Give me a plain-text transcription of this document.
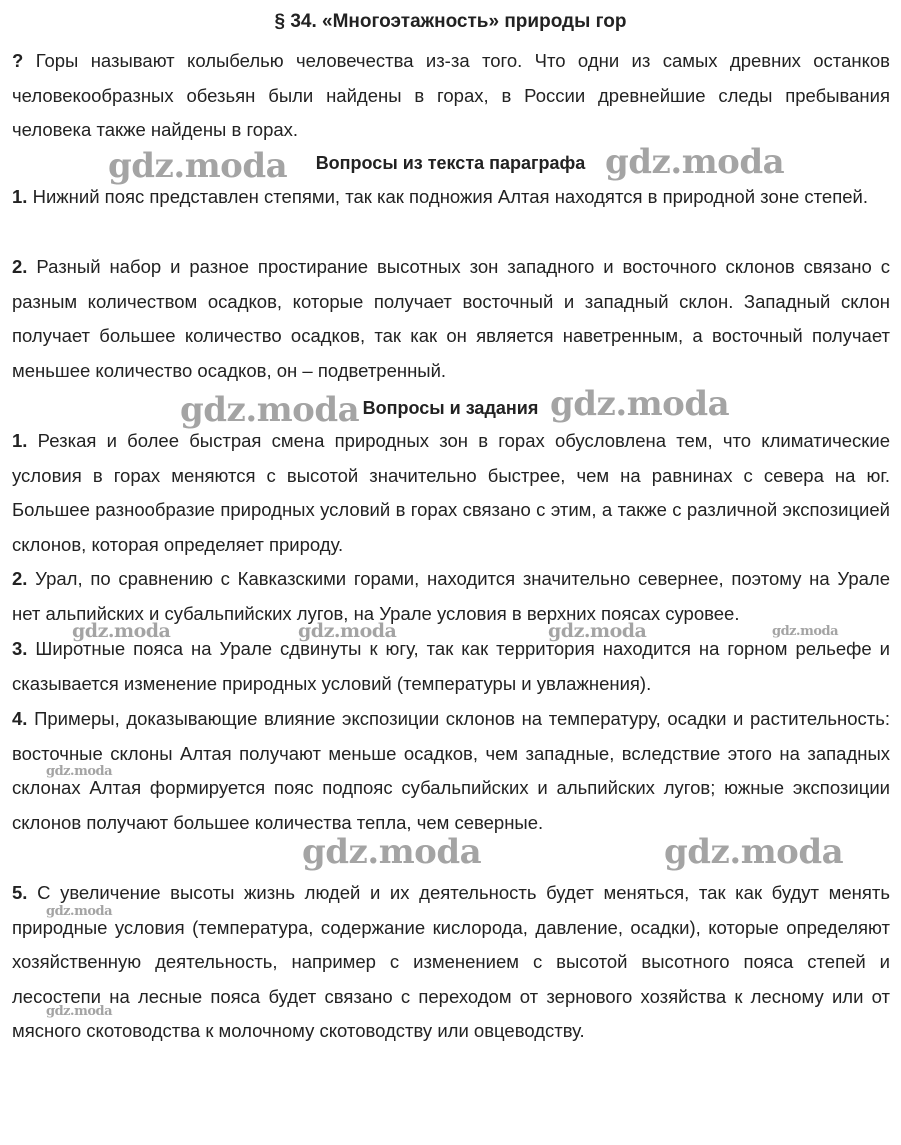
§ 34. «Многоэтажность» природы гор

? Горы называют колыбелью человечества из-за того. Что одни из самых древних останков человекообразных обезьян были найдены в горах, в России древнейшие следы пребывания человека также найдены в горах.

Вопросы из текста параграфа

1. Нижний пояс представлен степями, так как подножия Алтая находятся в природной зоне степей.

2. Разный набор и разное простирание высотных зон западного и восточного склонов связано с разным количеством осадков, которые получает восточный и западный склон. Западный склон получает большее количество осадков, так как он является наветренным, а восточный получает меньшее количество осадков, он – подветренный.

Вопросы и задания

1. Резкая и более быстрая смена природных зон в горах обусловлена тем, что климатические условия в горах меняются с высотой значительно быстрее, чем на равнинах с севера на юг. Большее разнообразие природных условий в горах связано с этим, а также с различной экспозицией склонов, которая определяет природу.

2. Урал, по сравнению с Кавказскими горами, находится значительно севернее, поэтому на Урале нет альпийских и субальпийских лугов, на Урале условия в верхних поясах суровее.

3. Широтные пояса на Урале сдвинуты к югу, так как территория находится на горном рельефе и сказывается изменение природных условий (температуры и увлажнения).

4. Примеры, доказывающие влияние экспозиции склонов на температуру, осадки и растительность: восточные склоны Алтая получают меньше осадков, чем западные, вследствие этого на западных склонах Алтая формируется пояс подпояс субальпийских и альпийских лугов; южные экспозиции склонов получают большее количества тепла, чем северные.

5. С увеличение высоты жизнь людей и их деятельность будет меняться, так как будут менять природные условия (температура, содержание кислорода, давление, осадки), которые определяют хозяйственную деятельность, например с изменением с высотой высотного пояса степей и лесостепи на лесные пояса будет связано с переходом от зернового хозяйства к лесному или от мясного скотоводства к молочному скотоводству или овцеводству.

gdz.moda	gdz.moda
gdz.moda	gdz.moda
gdz.moda	gdz.moda	gdz.moda	gdz.moda
gdz.moda
gdz.moda	gdz.moda
gdz.moda
gdz.moda
